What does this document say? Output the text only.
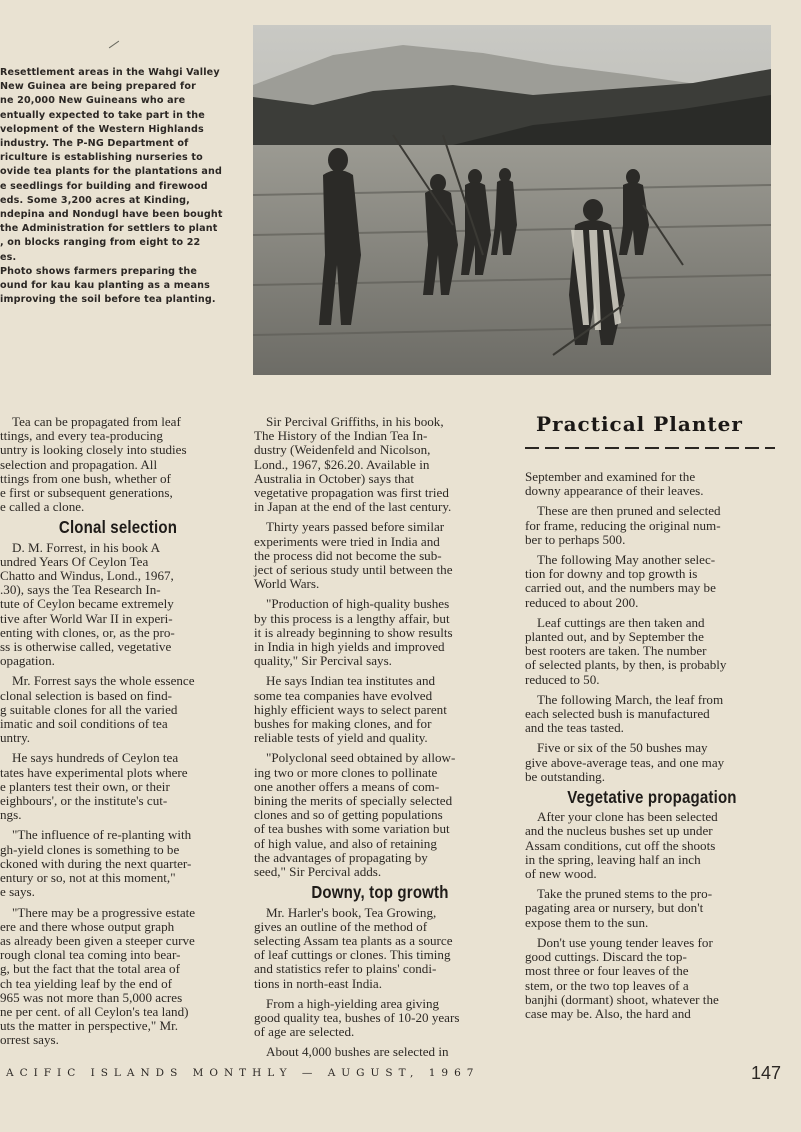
Resettlement areas in the Wahgi Valley
New Guinea are being prepared for
ne 20,000 New Guineans who are
entually expected to take part in the
velopment of the Western Highlands
industry. The P-NG Department of
riculture is establishing nurseries to
ovide tea plants for the plantations and
e seedlings for building and firewood
eds. Some 3,200 acres at Kinding,
ndepina and Nondugl have been bought
the Administration for settlers to plant
, on blocks ranging from eight to 22
es.
Photo shows farmers preparing the
ound for kau kau planting as a means
improving the soil before tea planting.

Tea can be propagated from leaf
ttings, and every tea-producing
untry is looking closely into studies
selection and propagation. All
ttings from one bush, whether of
e first or subsequent generations,
e called a clone.

Clonal selection

D. M. Forrest, in his book A
undred Years Of Ceylon Tea
Chatto and Windus, Lond., 1967,
.30), says the Tea Research In-
tute of Ceylon became extremely
tive after World War II in experi-
enting with clones, or, as the pro-
ss is otherwise called, vegetative
opagation.

Mr. Forrest says the whole essence
clonal selection is based on find-
g suitable clones for all the varied
imatic and soil conditions of tea
untry.

He says hundreds of Ceylon tea
tates have experimental plots where
e planters test their own, or their
eighbours', or the institute's cut-
ngs.

"The influence of re-planting with
gh-yield clones is something to be
ckoned with during the next quarter-
entury or so, not at this moment,"
e says.

"There may be a progressive estate
ere and there whose output graph
as already been given a steeper curve
rough clonal tea coming into bear-
g, but the fact that the total area of
ch tea yielding leaf by the end of
965 was not more than 5,000 acres
ne per cent. of all Ceylon's tea land)
uts the matter in perspective," Mr.
orrest says.

Sir Percival Griffiths, in his book,
The History of the Indian Tea In-
dustry (Weidenfeld and Nicolson,
Lond., 1967, $26.20. Available in
Australia in October) says that
vegetative propagation was first tried
in Japan at the end of the last century.

Thirty years passed before similar
experiments were tried in India and
the process did not become the sub-
ject of serious study until between the
World Wars.

"Production of high-quality bushes
by this process is a lengthy affair, but
it is already beginning to show results
in India in high yields and improved
quality," Sir Percival says.

He says Indian tea institutes and
some tea companies have evolved
highly efficient ways to select parent
bushes for making clones, and for
reliable tests of yield and quality.

"Polyclonal seed obtained by allow-
ing two or more clones to pollinate
one another offers a means of com-
bining the merits of specially selected
clones and so of getting populations
of tea bushes with some variation but
of high value, and also of retaining
the advantages of propagating by
seed," Sir Percival adds.

Downy, top growth

Mr. Harler's book, Tea Growing,
gives an outline of the method of
selecting Assam tea plants as a source
of leaf cuttings or clones. This timing
and statistics refer to plains' condi-
tions in north-east India.

From a high-yielding area giving
good quality tea, bushes of 10-20 years
of age are selected.

About 4,000 bushes are selected in

Practical Planter

September and examined for the
downy appearance of their leaves.

These are then pruned and selected
for frame, reducing the original num-
ber to perhaps 500.

The following May another selec-
tion for downy and top growth is
carried out, and the numbers may be
reduced to about 200.

Leaf cuttings are then taken and
planted out, and by September the
best rooters are taken. The number
of selected plants, by then, is probably
reduced to 50.

The following March, the leaf from
each selected bush is manufactured
and the teas tasted.

Five or six of the 50 bushes may
give above-average teas, and one may
be outstanding.

Vegetative propagation

After your clone has been selected
and the nucleus bushes set up under
Assam conditions, cut off the shoots
in the spring, leaving half an inch
of new wood.

Take the pruned stems to the pro-
pagating area or nursery, but don't
expose them to the sun.

Don't use young tender leaves for
good cuttings. Discard the top-
most three or four leaves of the
stem, or the two top leaves of a
banjhi (dormant) shoot, whatever the
case may be. Also, the hard and

ACIFIC ISLANDS MONTHLY — AUGUST, 1967	147
